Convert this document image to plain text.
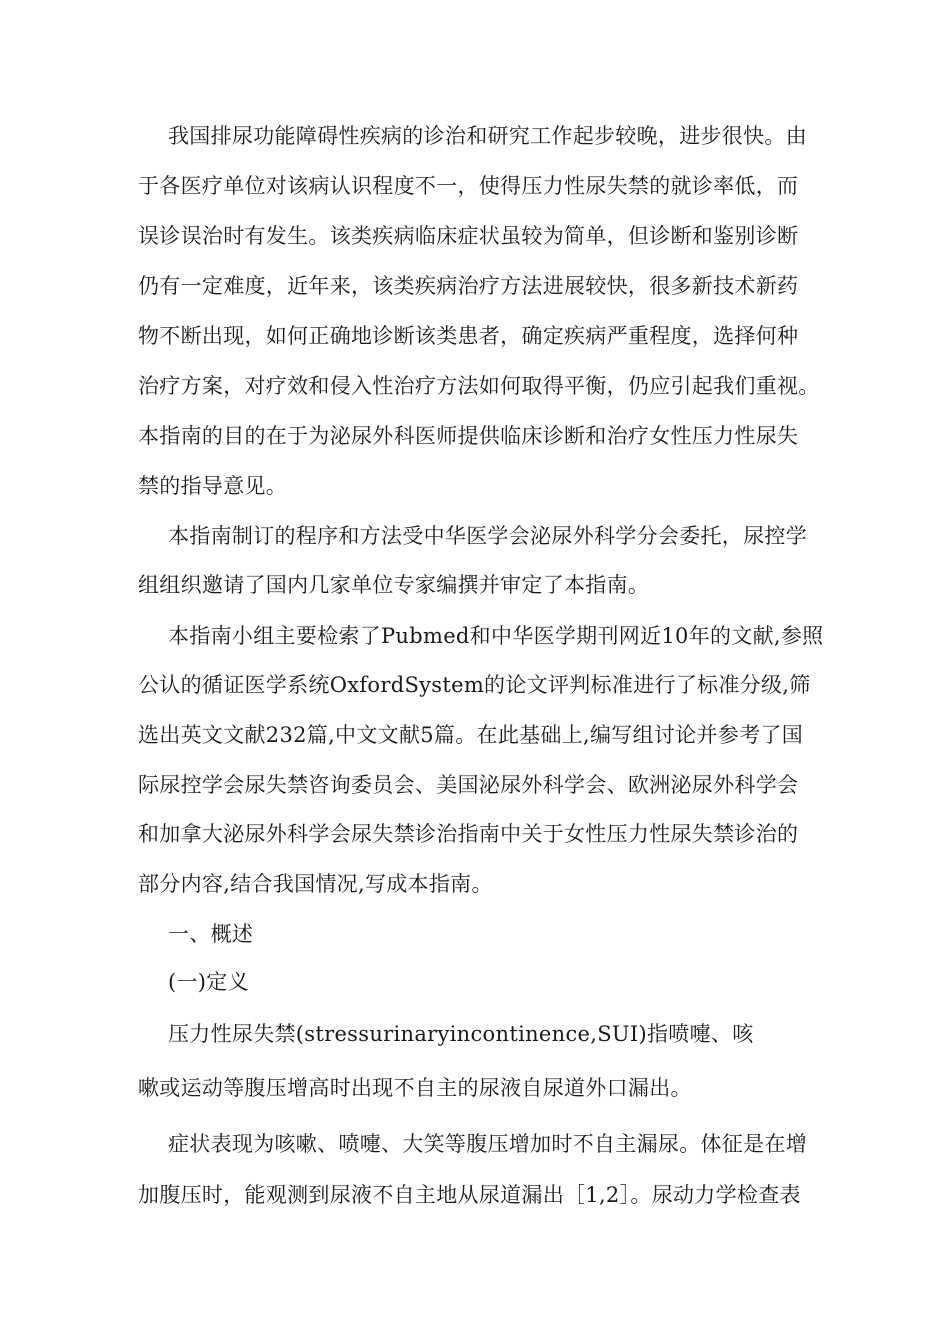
我国排尿功能障碍性疾病的诊治和研究工作起步较晚，进步很快。由
于各医疗单位对该病认识程度不一，使得压力性尿失禁的就诊率低，而
误诊误治时有发生。该类疾病临床症状虽较为简单，但诊断和鉴别诊断
仍有一定难度，近年来，该类疾病治疗方法进展较快，很多新技术新药
物不断出现，如何正确地诊断该类患者，确定疾病严重程度，选择何种
治疗方案，对疗效和侵入性治疗方法如何取得平衡，仍应引起我们重视。
本指南的目的在于为泌尿外科医师提供临床诊断和治疗女性压力性尿失
禁的指导意见。
本指南制订的程序和方法受中华医学会泌尿外科学分会委托，尿控学
组组织邀请了国内几家单位专家编撰并审定了本指南。
本指南小组主要检索了Pubmed和中华医学期刊网近10年的文献,参照
公认的循证医学系统OxfordSystem的论文评判标准进行了标准分级,筛
选出英文文献232篇,中文文献5篇。在此基础上,编写组讨论并参考了国
际尿控学会尿失禁咨询委员会、美国泌尿外科学会、欧洲泌尿外科学会
和加拿大泌尿外科学会尿失禁诊治指南中关于女性压力性尿失禁诊治的
部分内容,结合我国情况,写成本指南。
一、概述
(一)定义
压力性尿失禁(stressurinaryincontinence,SUI)指喷嚏、咳
嗽或运动等腹压增高时出现不自主的尿液自尿道外口漏出。
症状表现为咳嗽、喷嚏、大笑等腹压增加时不自主漏尿。体征是在增
加腹压时，能观测到尿液不自主地从尿道漏出［1,2］。尿动力学检查表
